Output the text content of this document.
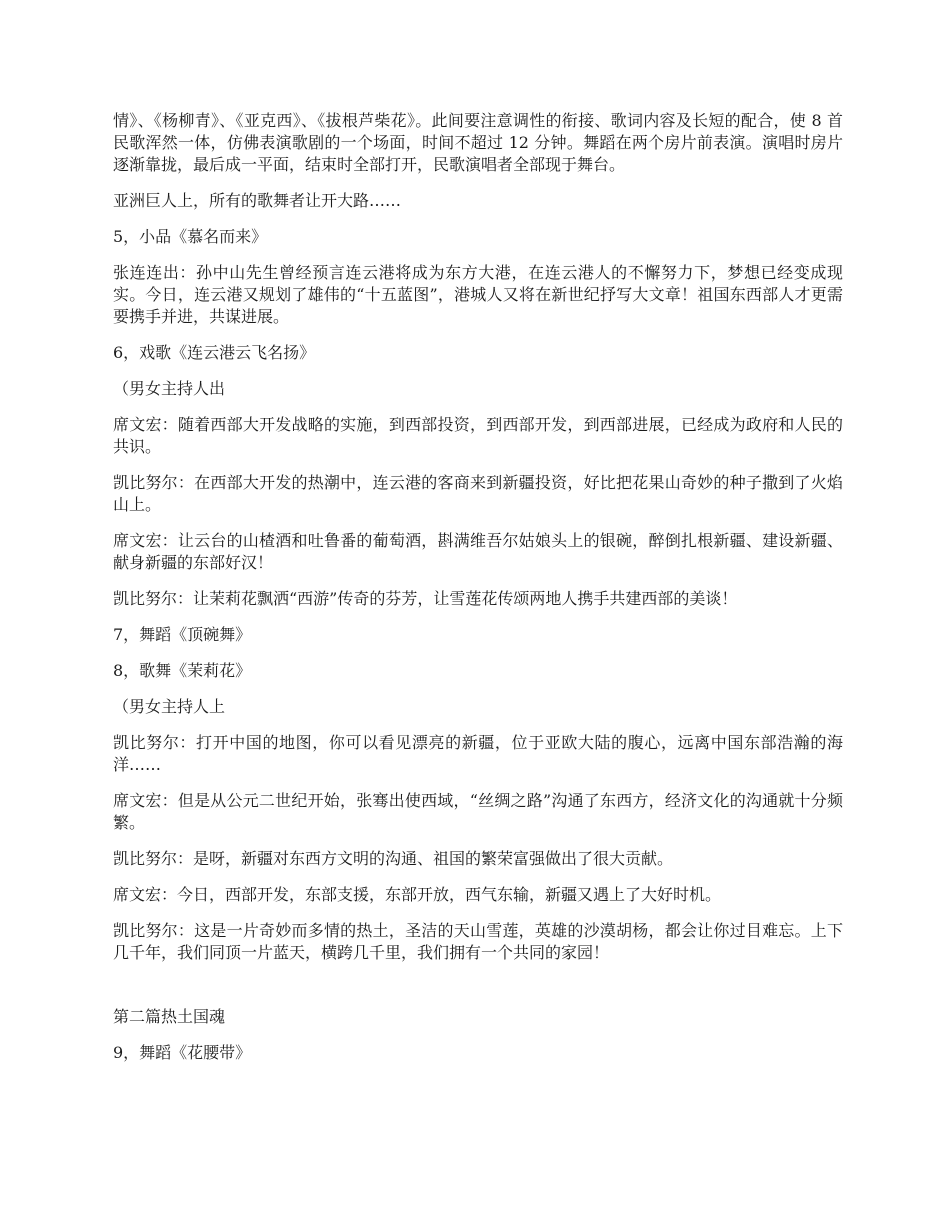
情》、《杨柳青》、《亚克西》、《拔根芦柴花》。此间要注意调性的衔接、歌词内容及长短的配合，使 8 首民歌浑然一体，仿佛表演歌剧的一个场面，时间不超过 12 分钟。舞蹈在两个房片前表演。演唱时房片逐渐靠拢，最后成一平面，结束时全部打开，民歌演唱者全部现于舞台。

亚洲巨人上，所有的歌舞者让开大路……

5，小品《慕名而来》

张连连出：孙中山先生曾经预言连云港将成为东方大港，在连云港人的不懈努力下，梦想已经变成现实。今日，连云港又规划了雄伟的“十五蓝图”，港城人又将在新世纪抒写大文章！祖国东西部人才更需要携手并进，共谋进展。

6，戏歌《连云港云飞名扬》

（男女主持人出

席文宏：随着西部大开发战略的实施，到西部投资，到西部开发，到西部进展，已经成为政府和人民的共识。

凯比努尔：在西部大开发的热潮中，连云港的客商来到新疆投资，好比把花果山奇妙的种子撒到了火焰山上。

席文宏：让云台的山楂酒和吐鲁番的葡萄酒，斟满维吾尔姑娘头上的银碗，醉倒扎根新疆、建设新疆、献身新疆的东部好汉！

凯比努尔：让茉莉花飘洒“西游”传奇的芬芳，让雪莲花传颂两地人携手共建西部的美谈！

7，舞蹈《顶碗舞》

8，歌舞《茉莉花》

（男女主持人上

凯比努尔：打开中国的地图，你可以看见漂亮的新疆，位于亚欧大陆的腹心，远离中国东部浩瀚的海洋……

席文宏：但是从公元二世纪开始，张骞出使西域，“丝绸之路”沟通了东西方，经济文化的沟通就十分频繁。

凯比努尔：是呀，新疆对东西方文明的沟通、祖国的繁荣富强做出了很大贡献。

席文宏：今日，西部开发，东部支援，东部开放，西气东输，新疆又遇上了大好时机。

凯比努尔：这是一片奇妙而多情的热土，圣洁的天山雪莲，英雄的沙漠胡杨，都会让你过目难忘。上下几千年，我们同顶一片蓝天，横跨几千里，我们拥有一个共同的家园！

第二篇热土国魂

9，舞蹈《花腰带》
